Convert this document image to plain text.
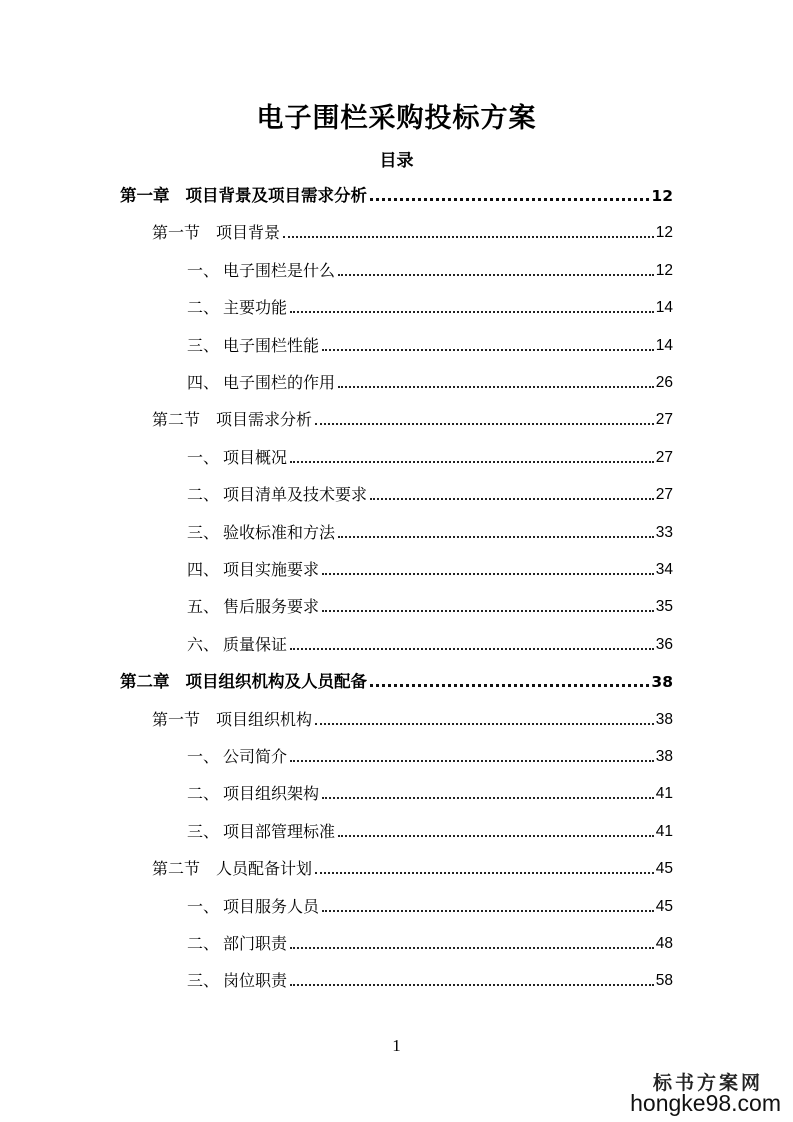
电子围栏采购投标方案
目录
第一章 项目背景及项目需求分析	12
第一节 项目背景	12
一、 电子围栏是什么	12
二、 主要功能	14
三、 电子围栏性能	14
四、 电子围栏的作用	26
第二节 项目需求分析	27
一、 项目概况	27
二、 项目清单及技术要求	27
三、 验收标准和方法	33
四、 项目实施要求	34
五、 售后服务要求	35
六、 质量保证	36
第二章 项目组织机构及人员配备	38
第一节 项目组织机构	38
一、 公司简介	38
二、 项目组织架构	41
三、 项目部管理标准	41
第二节 人员配备计划	45
一、 项目服务人员	45
二、 部门职责	48
三、 岗位职责	58
1
标书方案网
hongke98.com
